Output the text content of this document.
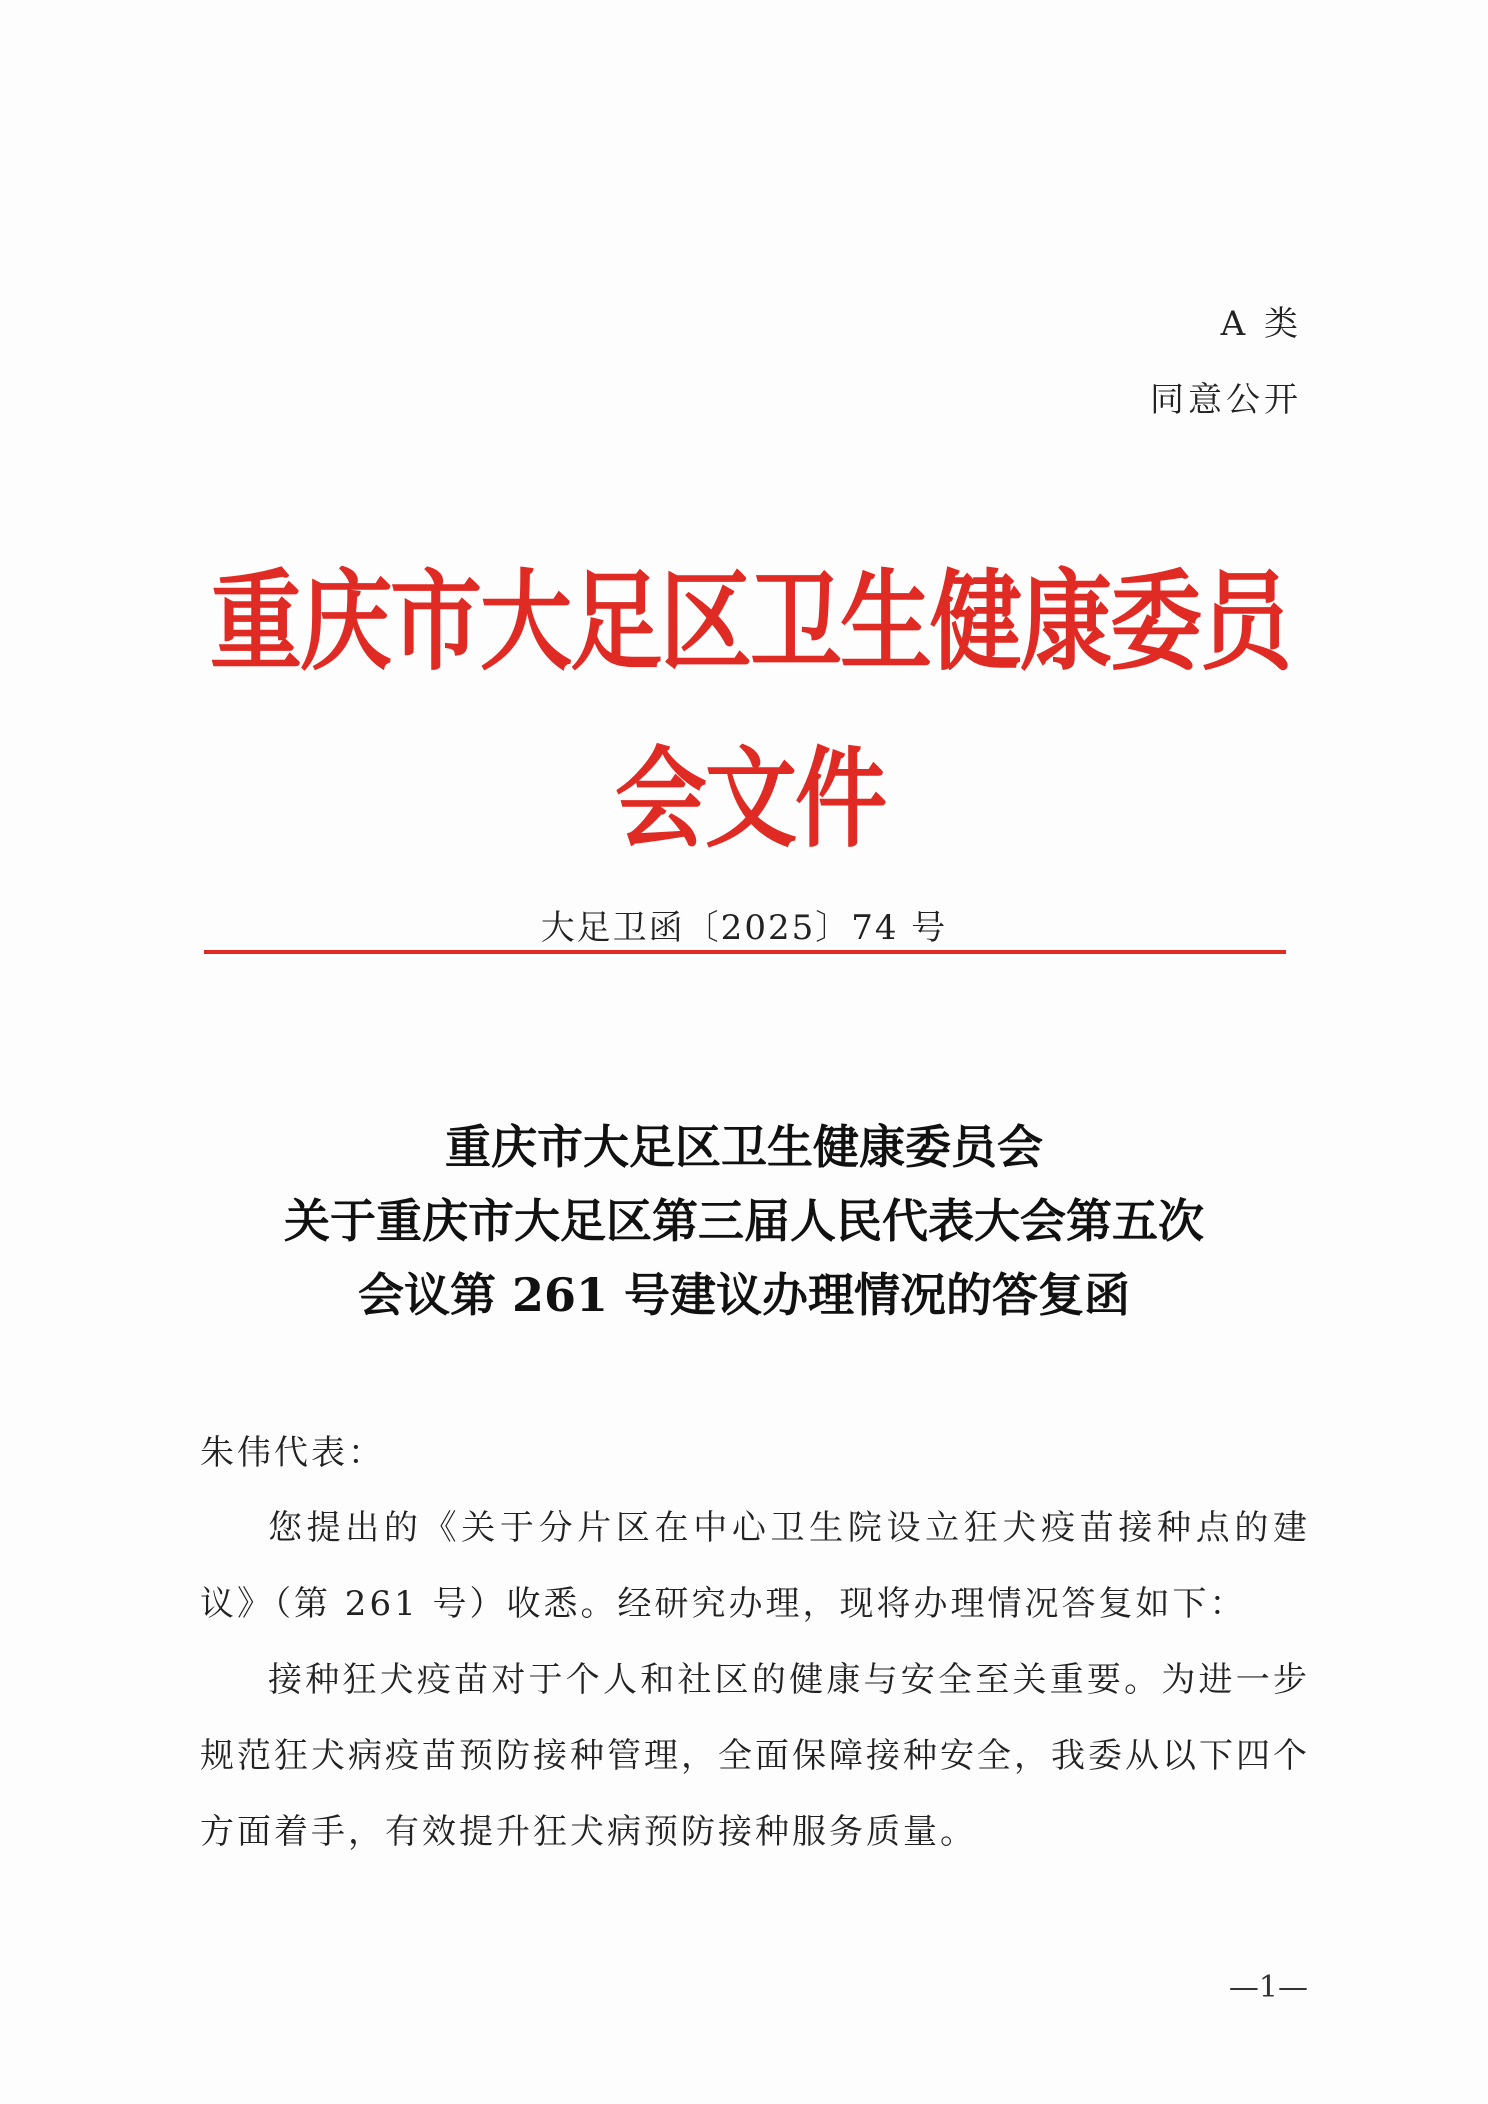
A 类
同意公开
重庆市大足区卫生健康委员会文件
大足卫函〔2025〕74 号
重庆市大足区卫生健康委员会
关于重庆市大足区第三届人民代表大会第五次
会议第 261 号建议办理情况的答复函
朱伟代表：

您提出的《关于分片区在中心卫生院设立狂犬疫苗接种点的建议》（第 261 号）收悉。经研究办理，现将办理情况答复如下：

接种狂犬疫苗对于个人和社区的健康与安全至关重要。为进一步规范狂犬病疫苗预防接种管理，全面保障接种安全，我委从以下四个方面着手，有效提升狂犬病预防接种服务质量。

—1—
